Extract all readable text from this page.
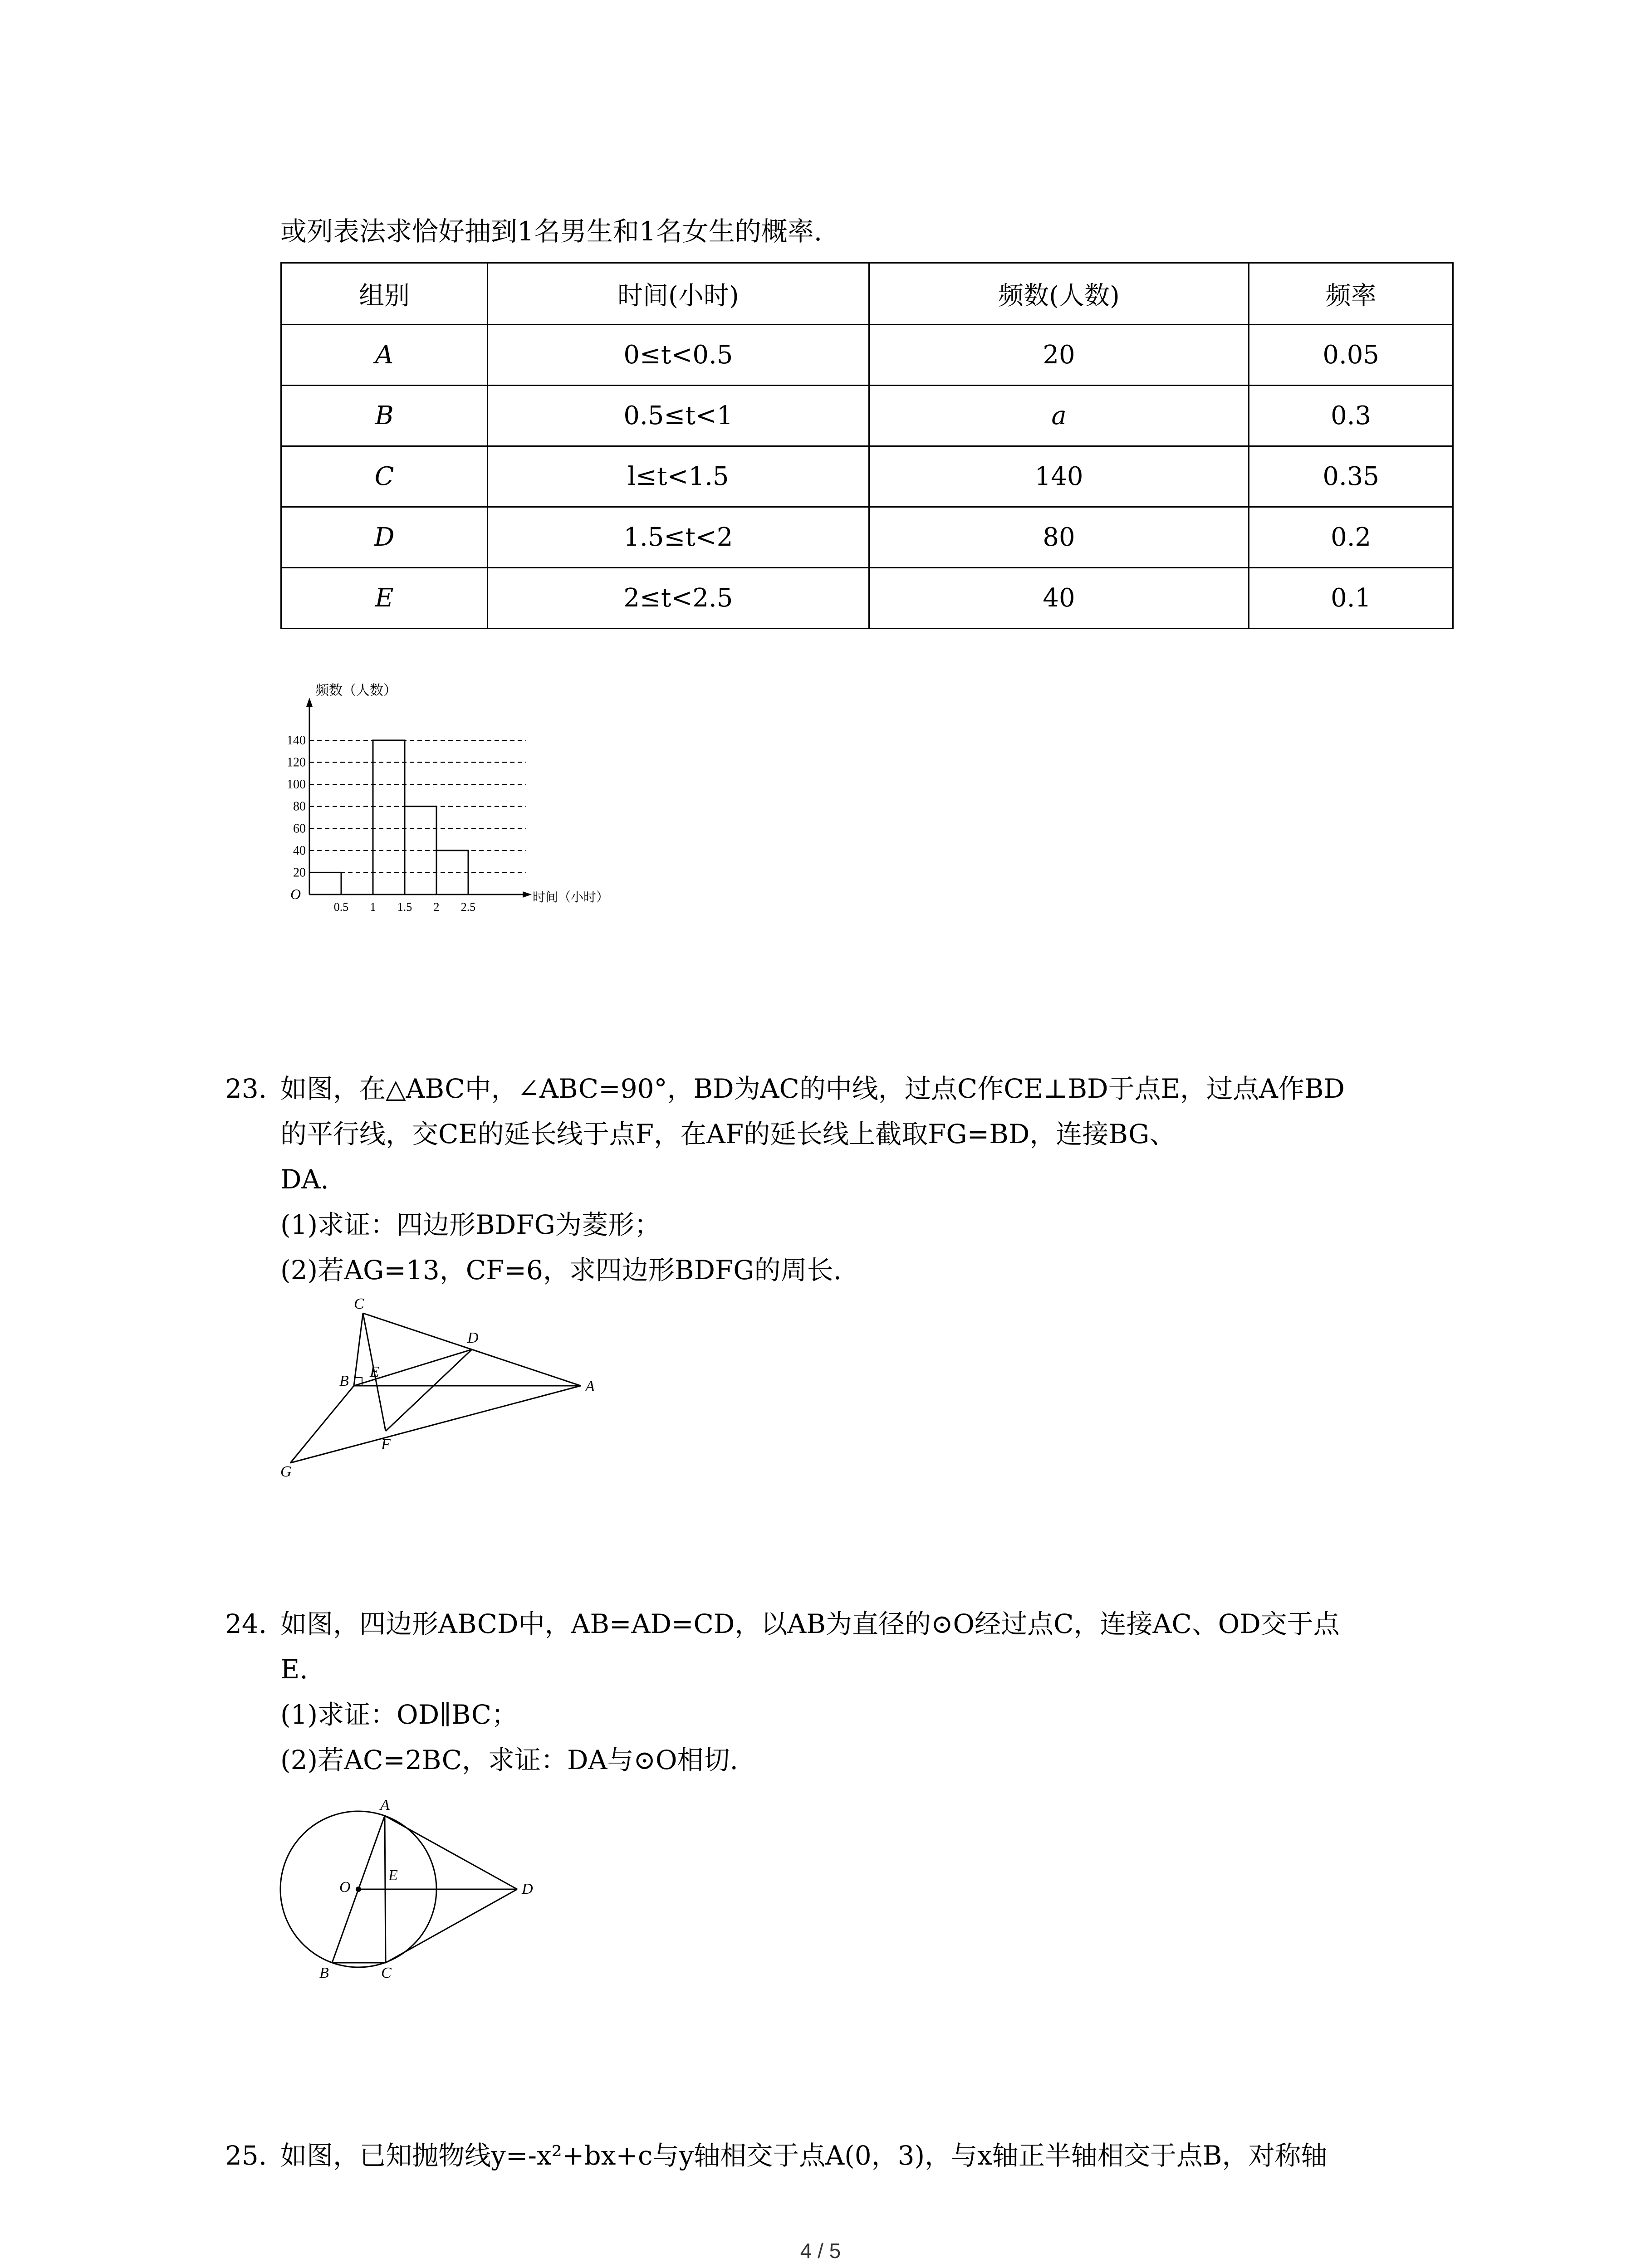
或列表法求恰好抽到1名男生和1名女生的概率.
组别	时间(小时)	频数(人数)	频率
A	0≤t<0.5	20	0.05
B	0.5≤t<1	a	0.3
C	l≤t<1.5	140	0.35
D	1.5≤t<2	80	0.2
E	2≤t<2.5	40	0.1
频数（人数）
时间（小时）
O
20
40
60
80
100
120
140
0.5 1 1.5 2 2.5
23. 如图，在△ABC中，∠ABC=90°，BD为AC的中线，过点C作CE⊥BD于点E，过点A作BD
的平行线，交CE的延长线于点F，在AF的延长线上截取FG=BD，连接BG、
DA.
(1)求证：四边形BDFG为菱形；
(2)若AG=13，CF=6，求四边形BDFG的周长.
C
D
E
B	A
F
G
24. 如图，四边形ABCD中，AB=AD=CD，以AB为直径的⊙O经过点C，连接AC、OD交于点
E.
(1)求证：OD∥BC；
(2)若AC=2BC，求证：DA与⊙O相切.
A
O
E
D
B	C
25. 如图，已知抛物线y=-x²+bx+c与y轴相交于点A(0，3)，与x轴正半轴相交于点B，对称轴
4 / 5
